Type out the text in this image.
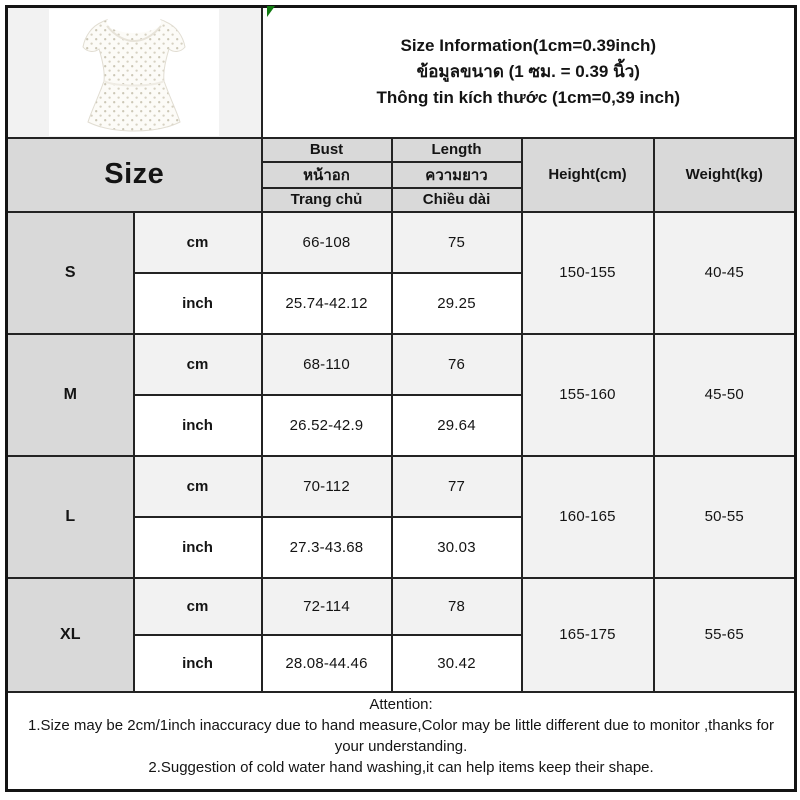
Size Information(1cm=0.39inch)
ข้อมูลขนาด (1 ซม. = 0.39 นิ้ว)
Thông tin kích thước (1cm=0,39 inch)			

Size		Bust	Length	Height(cm)	Weight(kg)
		หน้าอก	ความยาว		
		Trang chủ	Chiều dài		
S	cm	66-108	75	150-155	40-45
	inch	25.74-42.12	29.25		
M	cm	68-110	76	155-160	45-50
	inch	26.52-42.9	29.64		
L	cm	70-112	77	160-165	50-55
	inch	27.3-43.68	30.03		
XL	cm	72-114	78	165-175	55-65
	inch	28.08-44.46	30.42		

Attention:
1.Size may be 2cm/1inch inaccuracy due to hand measure,Color may be little different due to monitor ,thanks for your understanding.
2.Suggestion of cold water hand washing,it can help items keep their shape.					
